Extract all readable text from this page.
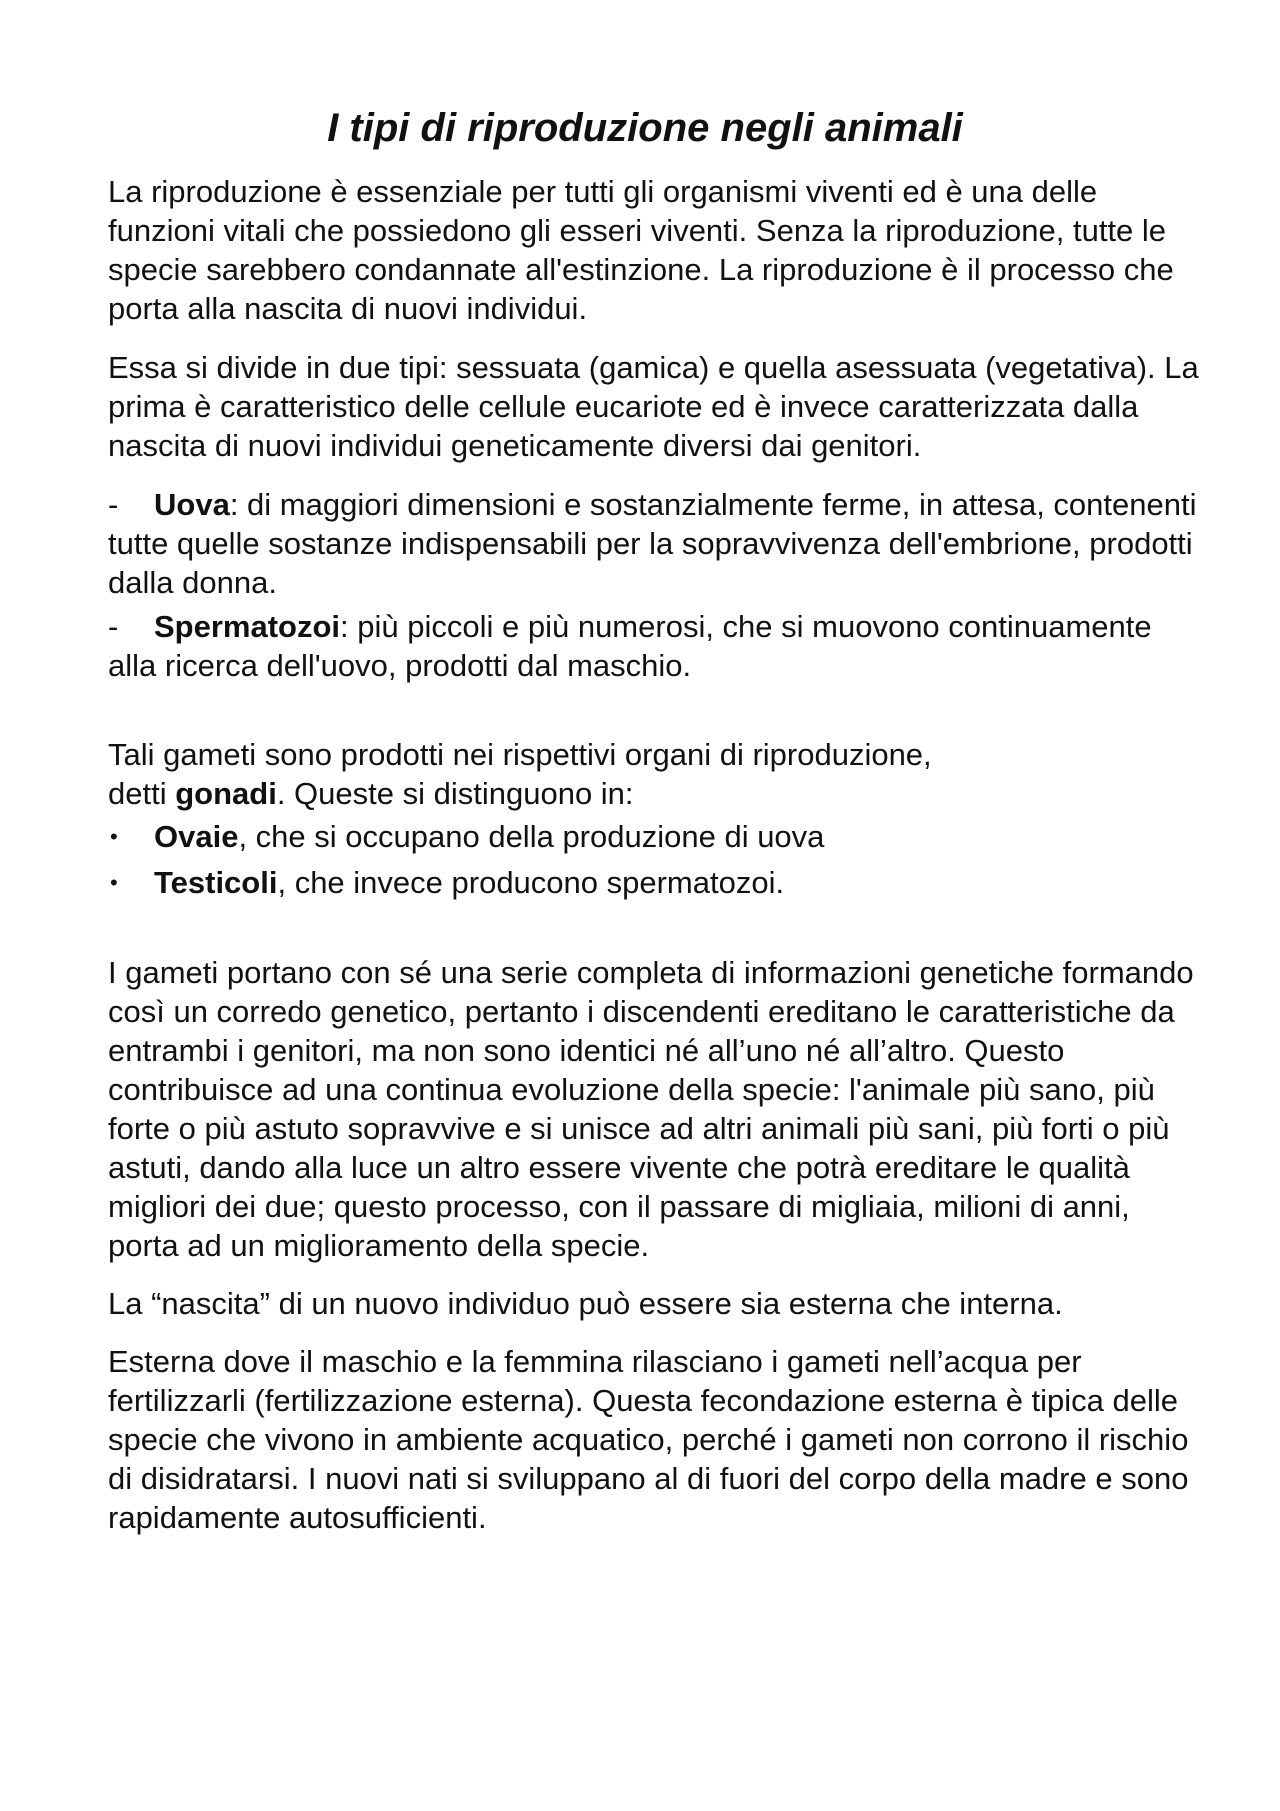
I tipi di riproduzione negli animali

La riproduzione è essenziale per tutti gli organismi viventi ed è una delle funzioni vitali che possiedono gli esseri viventi. Senza la riproduzione, tutte le specie sarebbero condannate all'estinzione. La riproduzione è il processo che porta alla nascita di nuovi individui.

Essa si divide in due tipi: sessuata (gamica) e quella asessuata (vegetativa). La prima è caratteristico delle cellule eucariote ed è invece caratterizzata dalla nascita di nuovi individui geneticamente diversi dai genitori.

- Uova: di maggiori dimensioni e sostanzialmente ferme, in attesa, contenenti tutte quelle sostanze indispensabili per la sopravvivenza dell'embrione, prodotti dalla donna.

- Spermatozoi: più piccoli e più numerosi, che si muovono continuamente alla ricerca dell'uovo, prodotti dal maschio.

Tali gameti sono prodotti nei rispettivi organi di riproduzione,
detti gonadi. Queste si distinguono in:

• Ovaie, che si occupano della produzione di uova
• Testicoli, che invece producono spermatozoi.

I gameti portano con sé una serie completa di informazioni genetiche formando così un corredo genetico, pertanto i discendenti ereditano le caratteristiche da entrambi i genitori, ma non sono identici né all’uno né all’altro. Questo contribuisce ad una continua evoluzione della specie: l'animale più sano, più forte o più astuto sopravvive e si unisce ad altri animali più sani, più forti o più astuti, dando alla luce un altro essere vivente che potrà ereditare le qualità migliori dei due; questo processo, con il passare di migliaia, milioni di anni, porta ad un miglioramento della specie.

La “nascita” di un nuovo individuo può essere sia esterna che interna.

Esterna dove il maschio e la femmina rilasciano i gameti nell’acqua per fertilizzarli (fertilizzazione esterna). Questa fecondazione esterna è tipica delle specie che vivono in ambiente acquatico, perché i gameti non corrono il rischio di disidratarsi. I nuovi nati si sviluppano al di fuori del corpo della madre e sono rapidamente autosufficienti.
